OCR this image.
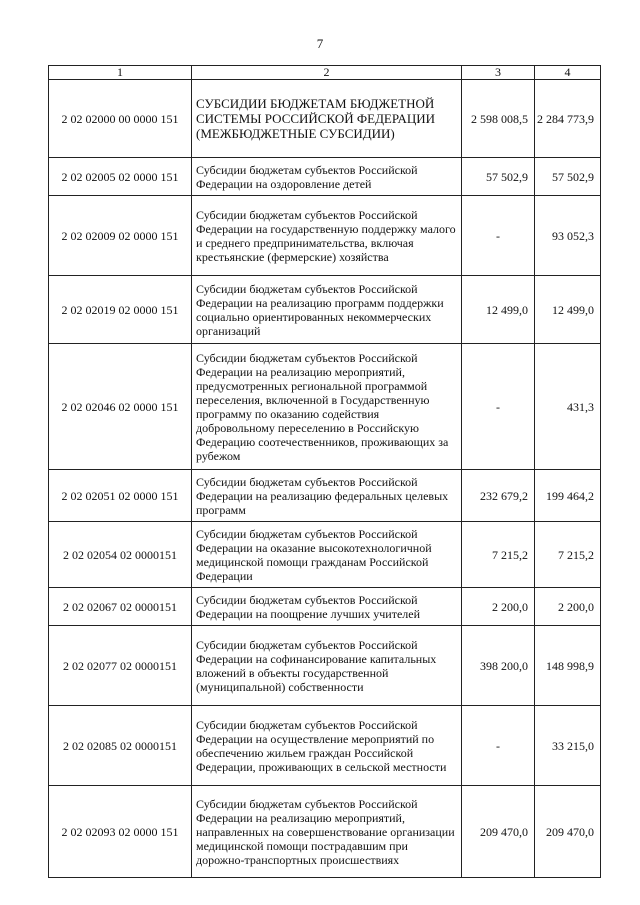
7
1	2	3	4
2 02 02000 00 0000 151	СУБСИДИИ БЮДЖЕТАМ БЮДЖЕТНОЙ СИСТЕМЫ РОССИЙСКОЙ ФЕДЕРАЦИИ (МЕЖБЮДЖЕТНЫЕ СУБСИДИИ)	2 598 008,5	2 284 773,9
2 02 02005 02 0000 151	Субсидии бюджетам субъектов Российской Федерации на оздоровление детей	57 502,9	57 502,9
2 02 02009 02 0000 151	Субсидии бюджетам субъектов Российской Федерации на государственную поддержку малого и среднего предпринимательства, включая крестьянские (фермерские) хозяйства	-	93 052,3
2 02 02019 02 0000 151	Субсидии бюджетам субъектов Российской Федерации на реализацию программ поддержки социально ориентированных некоммерческих организаций	12 499,0	12 499,0
2 02 02046 02 0000 151	Субсидии бюджетам субъектов Российской Федерации на реализацию мероприятий, предусмотренных региональной программой переселения, включенной в Государственную программу по оказанию содействия добровольному переселению в Российскую Федерацию соотечественников, проживающих за рубежом	-	431,3
2 02 02051 02 0000 151	Субсидии бюджетам субъектов Российской Федерации на реализацию федеральных целевых программ	232 679,2	199 464,2
2 02 02054 02 0000151	Субсидии бюджетам субъектов Российской Федерации на оказание высокотехнологичной медицинской помощи гражданам Российской Федерации	7 215,2	7 215,2
2 02 02067 02 0000151	Субсидии бюджетам субъектов Российской Федерации на поощрение лучших учителей	2 200,0	2 200,0
2 02 02077 02 0000151	Субсидии бюджетам субъектов Российской Федерации на софинансирование капитальных вложений в объекты государственной (муниципальной) собственности	398 200,0	148 998,9
2 02 02085 02 0000151	Субсидии бюджетам субъектов Российской Федерации на осуществление мероприятий по обеспечению жильем граждан Российской Федерации, проживающих в сельской местности	-	33 215,0
2 02 02093 02 0000 151	Субсидии бюджетам субъектов Российской Федерации на реализацию мероприятий, направленных на совершенствование организации медицинской помощи пострадавшим при дорожно-транспортных происшествиях	209 470,0	209 470,0
